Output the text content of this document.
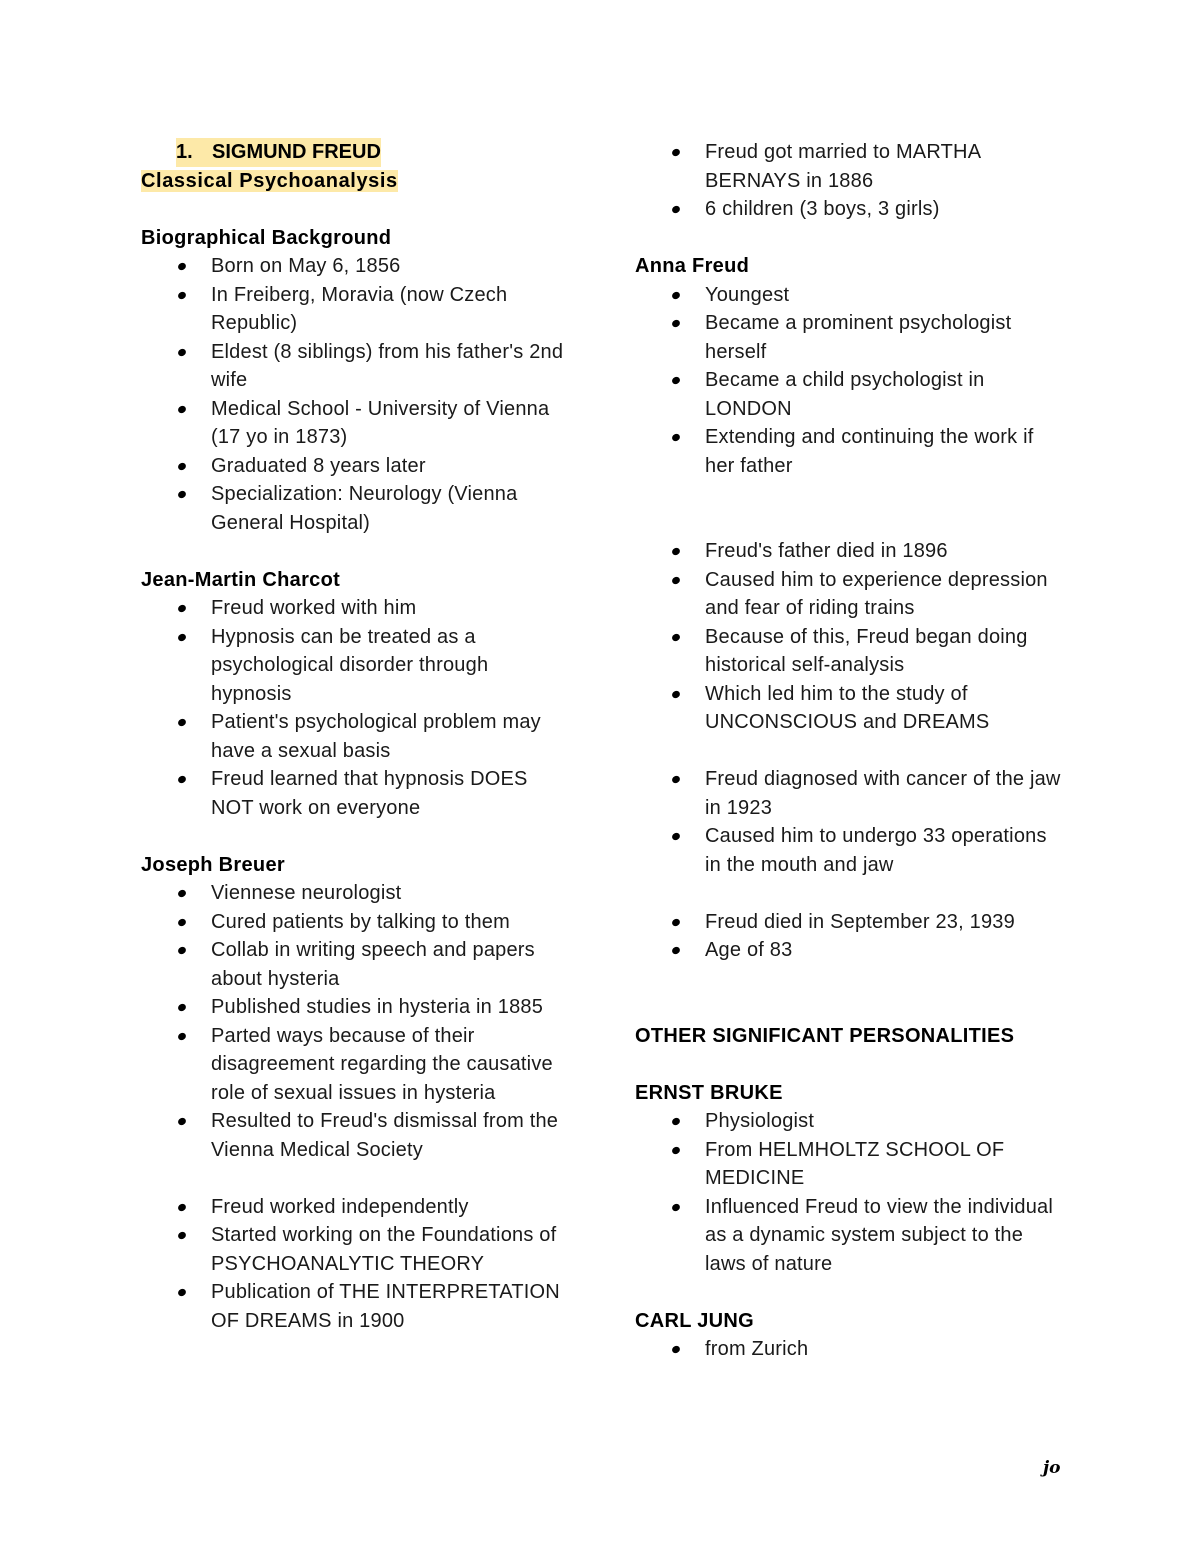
1. SIGMUND FREUD
Classical Psychoanalysis
Biographical Background
Born on May 6, 1856
In Freiberg, Moravia (now Czech Republic)
Eldest (8 siblings) from his father's 2nd wife
Medical School - University of Vienna (17 yo in 1873)
Graduated 8 years later
Specialization: Neurology (Vienna General Hospital)
Jean-Martin Charcot
Freud worked with him
Hypnosis can be treated as a psychological disorder through hypnosis
Patient's psychological problem may have a sexual basis
Freud learned that hypnosis DOES NOT work on everyone
Joseph Breuer
Viennese neurologist
Cured patients by talking to them
Collab in writing speech and papers about hysteria
Published studies in hysteria in 1885
Parted ways because of their disagreement regarding the causative role of sexual issues in hysteria
Resulted to Freud's dismissal from the Vienna Medical Society
Freud worked independently
Started working on the Foundations of PSYCHOANALYTIC THEORY
Publication of THE INTERPRETATION OF DREAMS in 1900
Freud got married to MARTHA BERNAYS in 1886
6 children (3 boys, 3 girls)
Anna Freud
Youngest
Became a prominent psychologist herself
Became a child psychologist in LONDON
Extending and continuing the work if her father
Freud's father died in 1896
Caused him to experience depression and fear of riding trains
Because of this, Freud began doing historical self-analysis
Which led him to the study of UNCONSCIOUS and DREAMS
Freud diagnosed with cancer of the jaw in 1923
Caused him to undergo 33 operations in the mouth and jaw
Freud died in September 23, 1939
Age of 83
OTHER SIGNIFICANT PERSONALITIES
ERNST BRUKE
Physiologist
From HELMHOLTZ SCHOOL OF MEDICINE
Influenced Freud to view the individual as a dynamic system subject to the laws of nature
CARL JUNG
from Zurich
jo
